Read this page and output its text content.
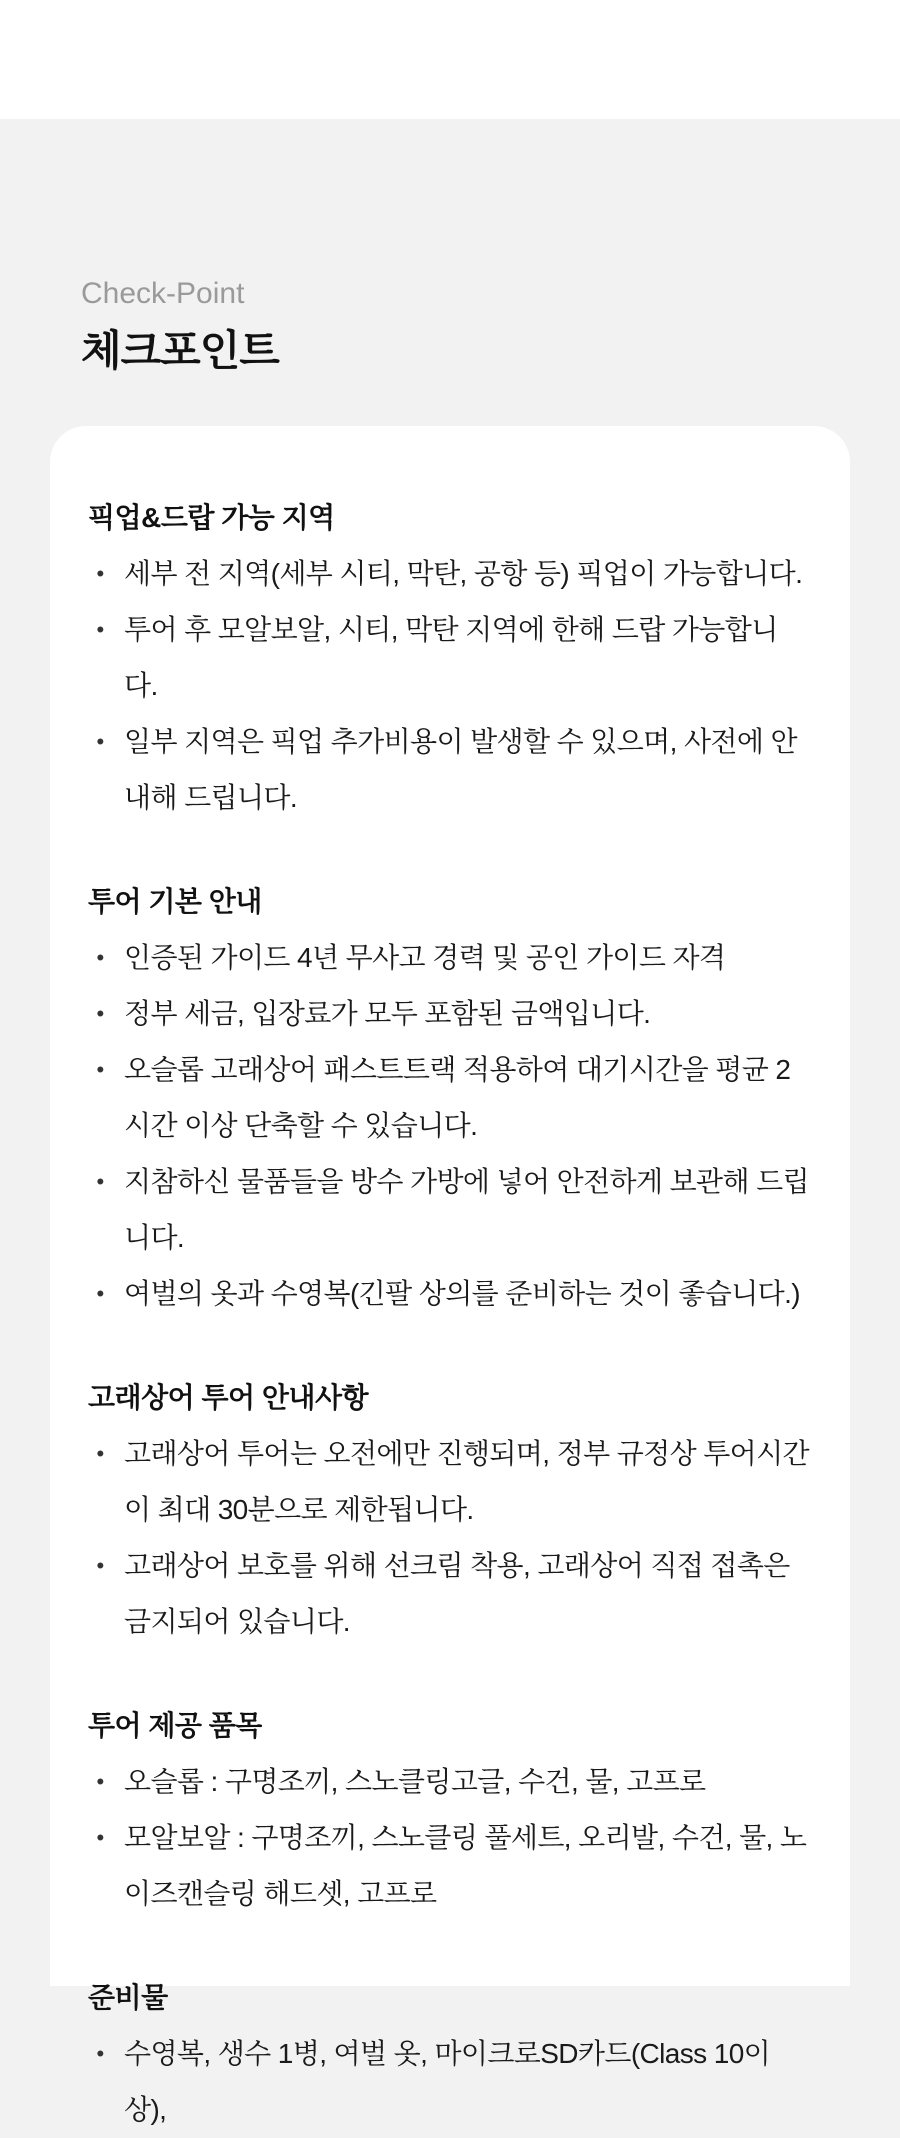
Check-Point

체크포인트
픽업&드랍 가능 지역
• 세부 전 지역(세부 시티, 막탄, 공항 등) 픽업이 가능합니다.
• 투어 후 모알보알, 시티, 막탄 지역에 한해 드랍 가능합니다.
• 일부 지역은 픽업 추가비용이 발생할 수 있으며, 사전에 안내해 드립니다.
투어 기본 안내
• 인증된 가이드 4년 무사고 경력 및 공인 가이드 자격
• 정부 세금, 입장료가 모두 포함된 금액입니다.
• 오슬롭 고래상어 패스트트랙 적용하여 대기시간을 평균 2시간 이상 단축할 수 있습니다.
• 지참하신 물품들을 방수 가방에 넣어 안전하게 보관해 드립니다.
• 여벌의 옷과 수영복(긴팔 상의를 준비하는 것이 좋습니다.)
고래상어 투어 안내사항
• 고래상어 투어는 오전에만 진행되며, 정부 규정상 투어시간이 최대 30분으로 제한됩니다.
• 고래상어 보호를 위해 선크림 착용, 고래상어 직접 접촉은 금지되어 있습니다.
투어 제공 품목
• 오슬롭 : 구명조끼, 스노클링고글, 수건, 물, 고프로
• 모알보알 : 구명조끼, 스노클링 풀세트, 오리발, 수건, 물, 노이즈캔슬링 해드셋, 고프로
준비물
• 수영복, 생수 1병, 여벌 옷, 마이크로SD카드(Class 10이상),
